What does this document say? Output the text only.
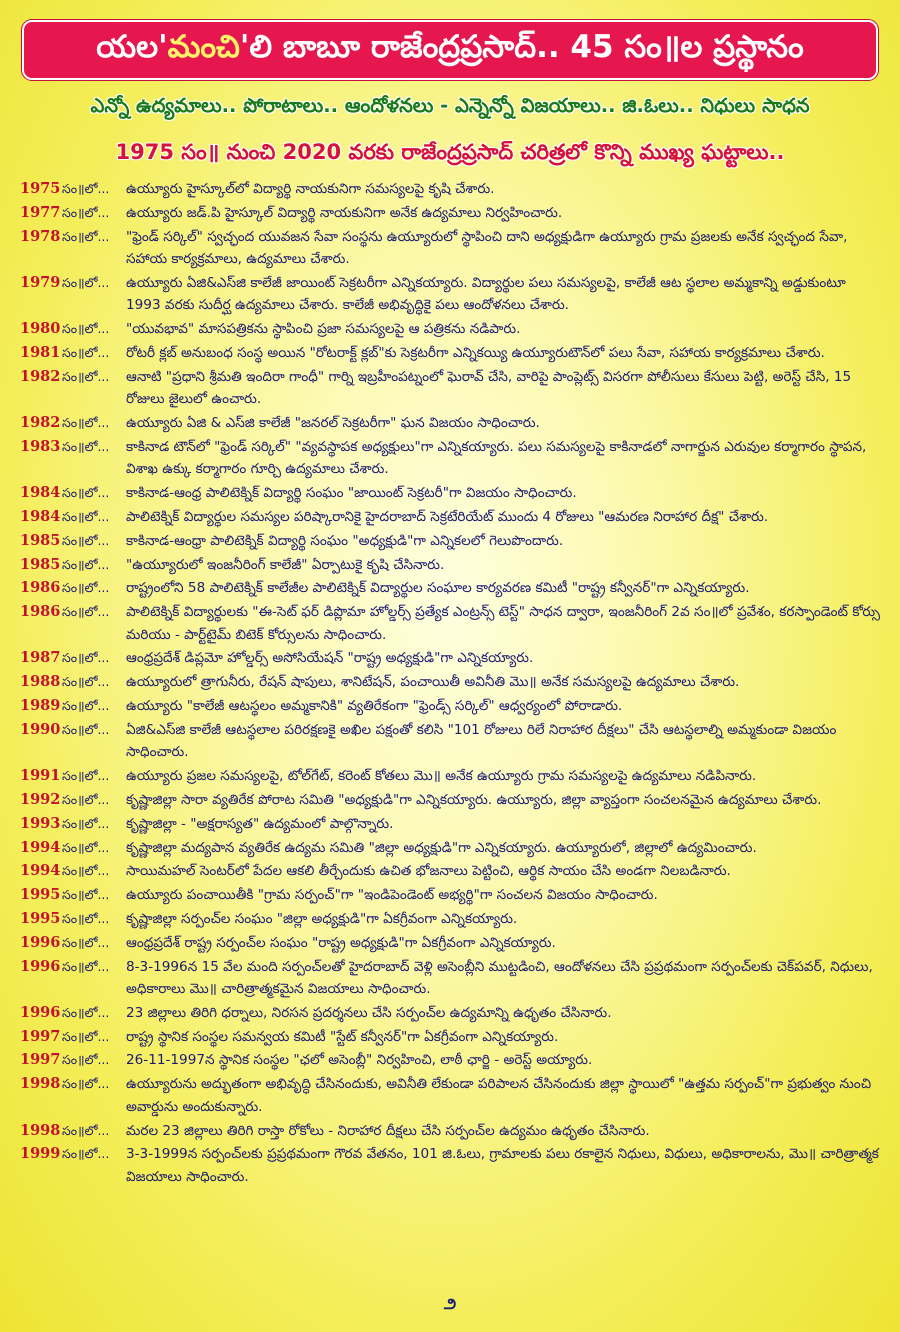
యల'మంచి'లి బాబూ రాజేంద్రప్రసాద్.. 45 సం॥ల ప్రస్థానం
ఎన్నో ఉద్యమాలు.. పోరాటాలు.. ఆందోళనలు - ఎన్నెన్నో విజయాలు.. జి.ఓలు.. నిధులు సాధన
1975 సం॥ నుంచి 2020 వరకు రాజేంద్రప్రసాద్ చరిత్రలో కొన్ని ముఖ్య ఘట్టాలు..
1975 సం॥లో...	ఉయ్యూరు హైస్కూల్‌లో విద్యార్థి నాయకునిగా సమస్యలపై కృషి చేశారు.
1977 సం॥లో...	ఉయ్యూరు జడ్.పి హైస్కూల్ విద్యార్థి నాయకునిగా అనేక ఉద్యమాలు నిర్వహించారు.
1978 సం॥లో...	"ఫ్రెండ్ సర్కిల్" స్వచ్ఛంద యువజన సేవా సంస్థను ఉయ్యూరులో స్థాపించి దాని అధ్యక్షుడిగా ఉయ్యూరు గ్రామ ప్రజలకు అనేక స్వచ్ఛంద సేవా, సహాయ కార్యక్రమాలు, ఉద్యమాలు చేశారు.
1979 సం॥లో...	ఉయ్యూరు ఏజి&ఎస్‌జి కాలేజీ జాయింట్ సెక్రటరీగా ఎన్నికయ్యారు. విద్యార్థుల పలు సమస్యలపై, కాలేజీ ఆట స్థలాల అమ్మకాన్ని అడ్డుకుంటూ 1993 వరకు సుదీర్ఘ ఉద్యమాలు చేశారు. కాలేజీ అభివృద్ధికై పలు ఆందోళనలు చేశారు.
1980 సం॥లో...	"యువభావ" మాసపత్రికను స్థాపించి ప్రజా సమస్యలపై ఆ పత్రికను నడిపారు.
1981 సం॥లో...	రోటరీ క్లబ్ అనుబంధ సంస్థ అయిన "రోటరాక్ట్ క్లబ్"కు సెక్రటరీగా ఎన్నికయ్యి ఉయ్యూరుటౌన్‌లో పలు సేవా, సహాయ కార్యక్రమాలు చేశారు.
1982 సం॥లో...	ఆనాటి "ప్రధాని శ్రీమతి ఇందిరా గాంధీ" గార్ని ఇబ్రహీంపట్నంలో ఘెరావ్ చేసి, వారిపై పాంప్లెట్స్ విసరగా పోలీసులు కేసులు పెట్టి, అరెస్ట్ చేసి, 15 రోజులు జైలులో ఉంచారు.
1982 సం॥లో...	ఉయ్యూరు ఏజి & ఎస్‌జి కాలేజీ "జనరల్ సెక్రటరీగా" ఘన విజయం సాధించారు.
1983 సం॥లో...	కాకినాడ టౌన్‌లో "ఫ్రెండ్ సర్కిల్" "వ్యవస్థాపక అధ్యక్షులు"గా ఎన్నికయ్యారు. పలు సమస్యలపై కాకినాడలో నాగార్జున ఎరువుల కర్మాగారం స్థాపన, విశాఖ ఉక్కు కర్మాగారం గూర్చి ఉద్యమాలు చేశారు.
1984 సం॥లో...	కాకినాడ-ఆంధ్ర పాలిటెక్నిక్ విద్యార్థి సంఘం "జాయింట్ సెక్రటరీ"గా విజయం సాధించారు.
1984 సం॥లో...	పాలిటెక్నిక్ విద్యార్థుల సమస్యల పరిష్కారానికై హైదరాబాద్ సెక్రటేరియేట్ ముందు 4 రోజులు "ఆమరణ నిరాహార దీక్ష" చేశారు.
1985 సం॥లో...	కాకినాడ-ఆంధ్రా పాలిటెక్నిక్ విద్యార్థి సంఘం "అధ్యక్షుడి"గా ఎన్నికలలో గెలుపొందారు.
1985 సం॥లో...	"ఉయ్యూరులో ఇంజనీరింగ్ కాలేజీ" ఏర్పాటుకై కృషి చేసినారు.
1986 సం॥లో...	రాష్ట్రంలోని 58 పాలిటెక్నిక్ కాలేజీల పాలిటెక్నిక్ విద్యార్థుల సంఘాల కార్యవరణ కమిటీ "రాష్ట్ర కన్వీనర్"గా ఎన్నికయ్యారు.
1986 సం॥లో...	పాలిటెక్నిక్ విద్యార్థులకు "ఈ-సెట్ ఫర్ డిప్లొమా హోల్డర్స్ ప్రత్యేక ఎంట్రన్స్ టెస్ట్" సాధన ద్వారా, ఇంజనీరింగ్ 2వ సం॥లో ప్రవేశం, కరస్పాండెంట్ కోర్సు మరియు - పార్ట్‌టైమ్ బిటెక్ కోర్సులను సాధించారు.
1987 సం॥లో...	ఆంధ్రప్రదేశ్ డిప్లమో హోల్డర్స్ అసోసియేషన్ "రాష్ట్ర అధ్యక్షుడి"గా ఎన్నికయ్యారు.
1988 సం॥లో...	ఉయ్యూరులో త్రాగునీరు, రేషన్ షాపులు, శానిటేషన్, పంచాయితీ అవినీతి మొ॥ అనేక సమస్యలపై ఉద్యమాలు చేశారు.
1989 సం॥లో...	ఉయ్యూరు "కాలేజీ ఆటస్థలం అమ్మకానికి" వ్యతిరేకంగా "ఫ్రెండ్స్ సర్కిల్" ఆధ్వర్యంలో పోరాడారు.
1990 సం॥లో...	ఏజి&ఎస్‌జి కాలేజీ ఆటస్థలాల పరిరక్షణకై అఖిల పక్షంతో కలిసి "101 రోజులు రిలే నిరాహార దీక్షలు" చేసి ఆటస్థలాల్ని అమ్మకుండా విజయం సాధించారు.
1991 సం॥లో...	ఉయ్యూరు ప్రజల సమస్యలపై, టోల్‌గేట్, కరెంట్ కోతలు మొ॥ అనేక ఉయ్యూరు గ్రామ సమస్యలపై ఉద్యమాలు నడిపినారు.
1992 సం॥లో...	కృష్ణాజిల్లా సారా వ్యతిరేక పోరాట సమితి "అధ్యక్షుడి"గా ఎన్నికయ్యారు. ఉయ్యూరు, జిల్లా వ్యాప్తంగా సంచలనమైన ఉద్యమాలు చేశారు.
1993 సం॥లో...	కృష్ణాజిల్లా - "అక్షరాస్యత" ఉద్యమంలో పాల్గొన్నారు.
1994 సం॥లో...	కృష్ణాజిల్లా మద్యపాన వ్యతిరేక ఉద్యమ సమితి "జిల్లా అధ్యక్షుడి"గా ఎన్నికయ్యారు. ఉయ్యూరులో, జిల్లాలో ఉద్యమించారు.
1994 సం॥లో...	సాయిమహల్ సెంటర్‌లో పేదల ఆకలి తీర్చేందుకు ఉచిత భోజనాలు పెట్టించి, ఆర్థిక సాయం చేసి అండగా నిలబడినారు.
1995 సం॥లో...	ఉయ్యూరు పంచాయితీకి "గ్రామ సర్పంచ్"గా "ఇండిపెండెంట్ అభ్యర్థి"గా సంచలన విజయం సాధించారు.
1995 సం॥లో...	కృష్ణాజిల్లా సర్పంచ్‌ల సంఘం "జిల్లా అధ్యక్షుడి"గా ఏకగ్రీవంగా ఎన్నికయ్యారు.
1996 సం॥లో...	ఆంధ్రప్రదేశ్ రాష్ట్ర సర్పంచ్‌ల సంఘం "రాష్ట్ర అధ్యక్షుడి"గా ఏకగ్రీవంగా ఎన్నికయ్యారు.
1996 సం॥లో...	8-3-1996న 15 వేల మంది సర్పంచ్‌లతో హైదరాబాద్ వెళ్లి అసెంబ్లీని ముట్టడించి, ఆందోళనలు చేసి ప్రప్రథమంగా సర్పంచ్‌లకు చెక్‌పవర్, నిధులు, అధికారాలు మొ॥ చారిత్రాత్మకమైన విజయాలు సాధించారు.
1996 సం॥లో...	23 జిల్లాలు తిరిగి ధర్నాలు, నిరసన ప్రదర్శనలు చేసి సర్పంచ్‌ల ఉద్యమాన్ని ఉధృతం చేసినారు.
1997 సం॥లో...	రాష్ట్ర స్థానిక సంస్థల సమన్వయ కమిటీ "స్టేట్ కన్వీనర్"గా ఏకగ్రీవంగా ఎన్నికయ్యారు.
1997 సం॥లో...	26-11-1997న స్థానిక సంస్థల "ఛలో అసెంబ్లీ" నిర్వహించి, లాఠీ ఛార్జి - అరెస్ట్ అయ్యారు.
1998 సం॥లో...	ఉయ్యూరును అద్భుతంగా అభివృద్ధి చేసినందుకు, అవినీతి లేకుండా పరిపాలన చేసినందుకు జిల్లా స్థాయిలో "ఉత్తమ సర్పంచ్"గా ప్రభుత్వం నుంచి అవార్డును అందుకున్నారు.
1998 సం॥లో...	మరల 23 జిల్లాలు తిరిగి రాస్తా రోకోలు - నిరాహార దీక్షలు చేసి సర్పంచ్‌ల ఉద్యమం ఉధృతం చేసినారు.
1999 సం॥లో...	3-3-1999న సర్పంచ్‌లకు ప్రప్రథమంగా గౌరవ వేతనం, 101 జి.ఓలు, గ్రామాలకు పలు రకాలైన నిధులు, విధులు, అధికారాలను, మొ॥ చారిత్రాత్మక విజయాలు సాధించారు.
౨
